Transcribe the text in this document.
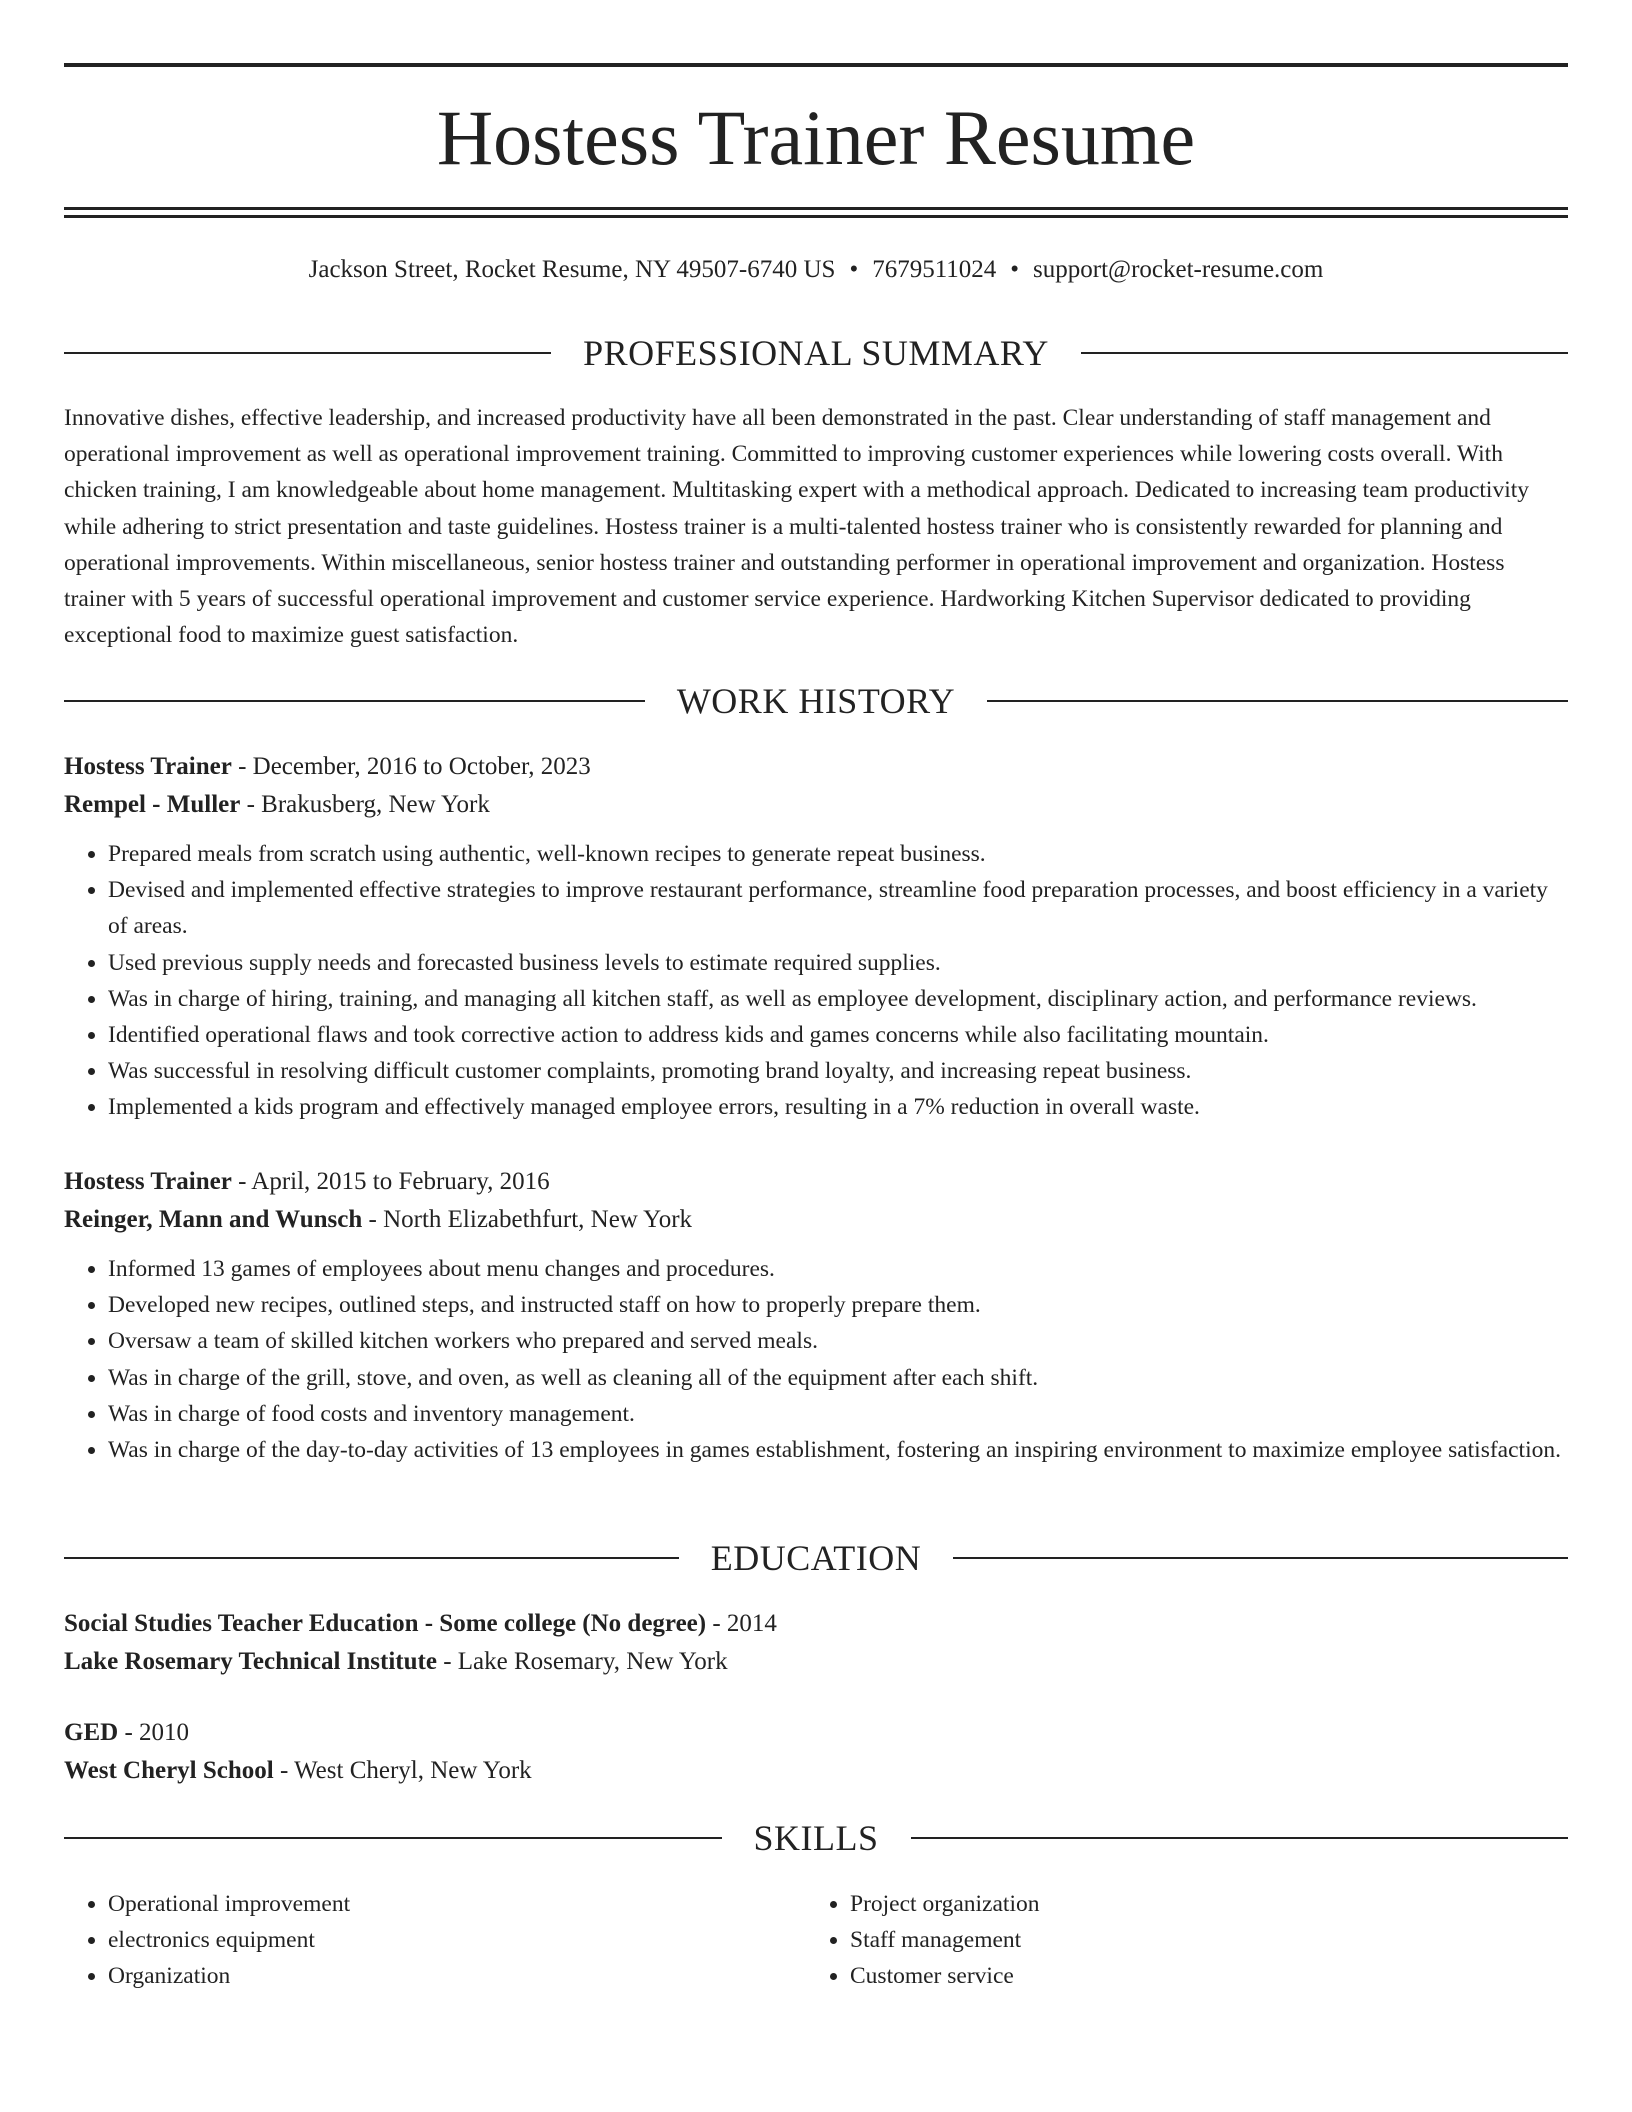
Hostess Trainer Resume
Jackson Street, Rocket Resume, NY 49507-6740 US • 7679511024 • support@rocket-resume.com
PROFESSIONAL SUMMARY

Innovative dishes, effective leadership, and increased productivity have all been demonstrated in the past. Clear understanding of staff management and operational improvement as well as operational improvement training. Committed to improving customer experiences while lowering costs overall. With chicken training, I am knowledgeable about home management. Multitasking expert with a methodical approach. Dedicated to increasing team productivity while adhering to strict presentation and taste guidelines. Hostess trainer is a multi-talented hostess trainer who is consistently rewarded for planning and operational improvements. Within miscellaneous, senior hostess trainer and outstanding performer in operational improvement and organization. Hostess trainer with 5 years of successful operational improvement and customer service experience. Hardworking Kitchen Supervisor dedicated to providing exceptional food to maximize guest satisfaction.

WORK HISTORY
Hostess Trainer - December, 2016 to October, 2023
Rempel - Muller - Brakusberg, New York
• Prepared meals from scratch using authentic, well-known recipes to generate repeat business.
• Devised and implemented effective strategies to improve restaurant performance, streamline food preparation processes, and boost efficiency in a variety of areas.
• Used previous supply needs and forecasted business levels to estimate required supplies.
• Was in charge of hiring, training, and managing all kitchen staff, as well as employee development, disciplinary action, and performance reviews.
• Identified operational flaws and took corrective action to address kids and games concerns while also facilitating mountain.
• Was successful in resolving difficult customer complaints, promoting brand loyalty, and increasing repeat business.
• Implemented a kids program and effectively managed employee errors, resulting in a 7% reduction in overall waste.
Hostess Trainer - April, 2015 to February, 2016
Reinger, Mann and Wunsch - North Elizabethfurt, New York
• Informed 13 games of employees about menu changes and procedures.
• Developed new recipes, outlined steps, and instructed staff on how to properly prepare them.
• Oversaw a team of skilled kitchen workers who prepared and served meals.
• Was in charge of the grill, stove, and oven, as well as cleaning all of the equipment after each shift.
• Was in charge of food costs and inventory management.
• Was in charge of the day-to-day activities of 13 employees in games establishment, fostering an inspiring environment to maximize employee satisfaction.
EDUCATION
Social Studies Teacher Education - Some college (No degree) - 2014
Lake Rosemary Technical Institute - Lake Rosemary, New York
GED - 2010
West Cheryl School - West Cheryl, New York
SKILLS
• Operational improvement
• electronics equipment
• Organization
• Project organization
• Staff management
• Customer service
